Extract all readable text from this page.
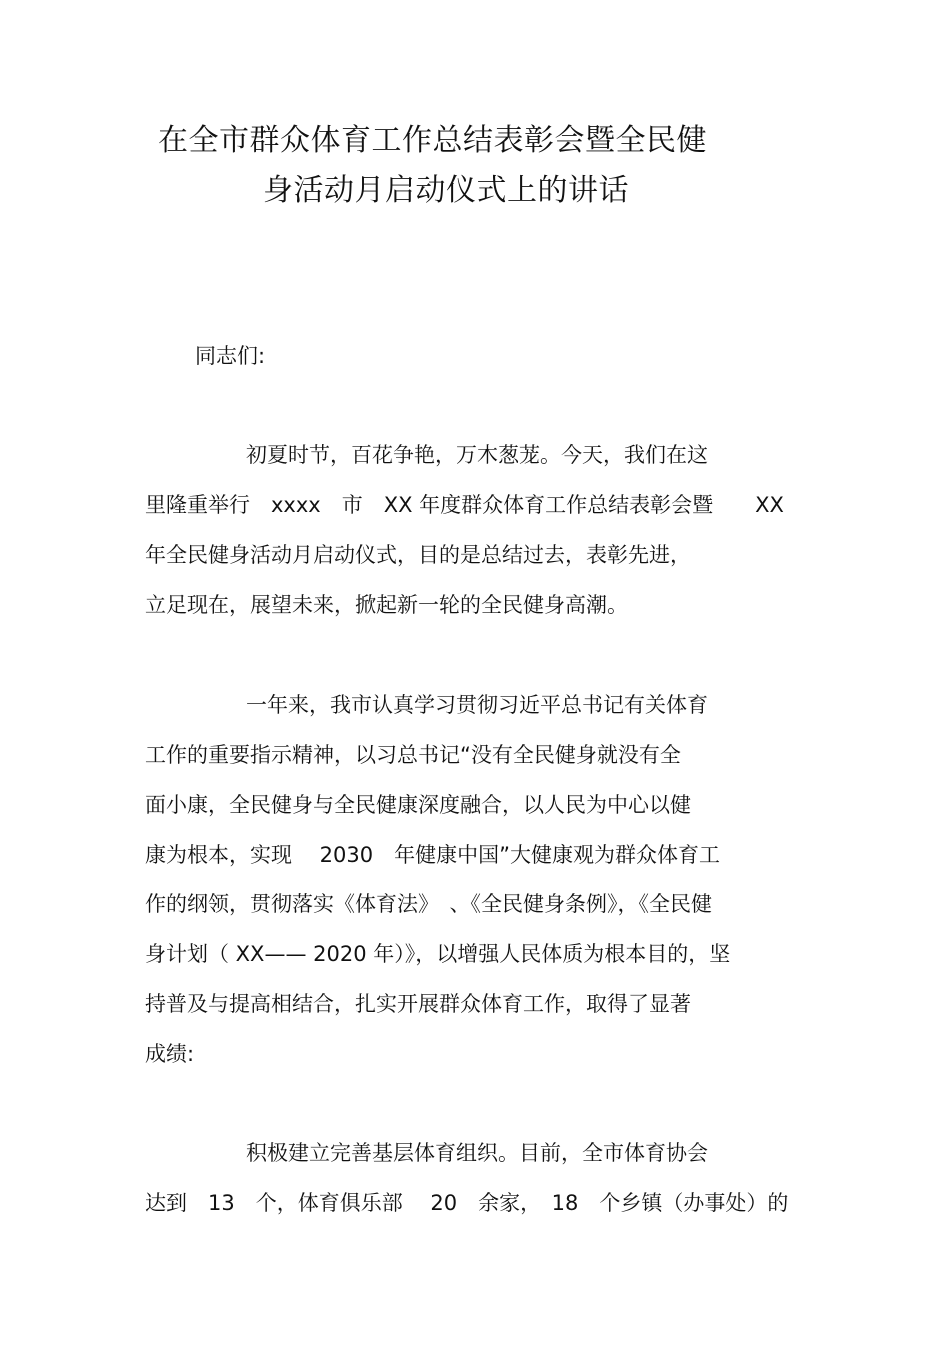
在全市群众体育工作总结表彰会暨全民健
身活动月启动仪式上的讲话
同志们:
初夏时节，百花争艳，万木葱茏。今天，我们在这
里隆重举行　xxxx　市　XX 年度群众体育工作总结表彰会暨　　XX
年全民健身活动月启动仪式，目的是总结过去，表彰先进，
立足现在，展望未来，掀起新一轮的全民健身高潮。
一年来，我市认真学习贯彻习近平总书记有关体育
工作的重要指示精神，以习总书记“没有全民健身就没有全
面小康，全民健身与全民健康深度融合，以人民为中心以健
康为根本，实现　 2030　年健康中国”大健康观为群众体育工
作的纲领，贯彻落实《体育法》　、《全民健身条例》，《全民健
身计划（ XX—— 2020 年）》，以增强人民体质为根本目的，坚
持普及与提高相结合，扎实开展群众体育工作，取得了显著
成绩:
积极建立完善基层体育组织。目前，全市体育协会
达到　13　个，体育俱乐部　 20　余家，　18　个乡镇（办事处）的
